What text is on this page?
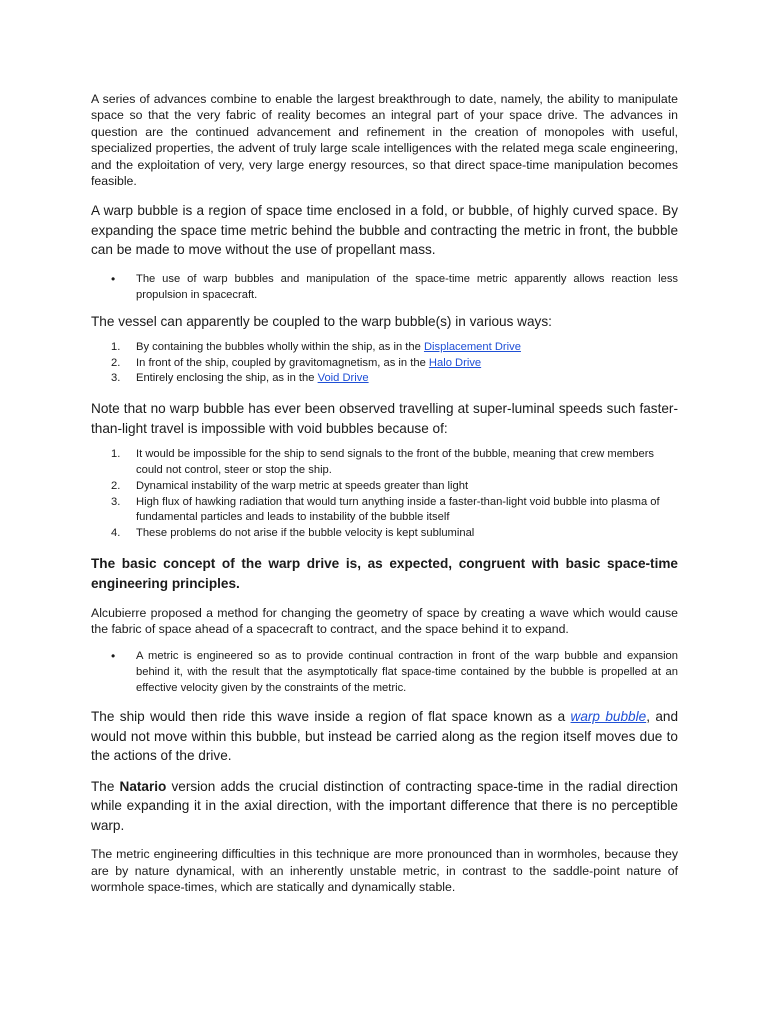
A series of advances combine to enable the largest breakthrough to date, namely, the ability to manipulate space so that the very fabric of reality becomes an integral part of your space drive. The advances in question are the continued advancement and refinement in the creation of monopoles with useful, specialized properties, the advent of truly large scale intelligences with the related mega scale engineering, and the exploitation of very, very large energy resources, so that direct space-time manipulation becomes feasible.

A warp bubble is a region of space time enclosed in a fold, or bubble, of highly curved space. By expanding the space time metric behind the bubble and contracting the metric in front, the bubble can be made to move without the use of propellant mass.

• The use of warp bubbles and manipulation of the space-time metric apparently allows reaction less propulsion in spacecraft.

The vessel can apparently be coupled to the warp bubble(s) in various ways:

1. By containing the bubbles wholly within the ship, as in the Displacement Drive
2. In front of the ship, coupled by gravitomagnetism, as in the Halo Drive
3. Entirely enclosing the ship, as in the Void Drive

Note that no warp bubble has ever been observed travelling at super-luminal speeds such faster-than-light travel is impossible with void bubbles because of:

1. It would be impossible for the ship to send signals to the front of the bubble, meaning that crew members could not control, steer or stop the ship.
2. Dynamical instability of the warp metric at speeds greater than light
3. High flux of hawking radiation that would turn anything inside a faster-than-light void bubble into plasma of fundamental particles and leads to instability of the bubble itself
4. These problems do not arise if the bubble velocity is kept subluminal

The basic concept of the warp drive is, as expected, congruent with basic space-time engineering principles.

Alcubierre proposed a method for changing the geometry of space by creating a wave which would cause the fabric of space ahead of a spacecraft to contract, and the space behind it to expand.

• A metric is engineered so as to provide continual contraction in front of the warp bubble and expansion behind it, with the result that the asymptotically flat space-time contained by the bubble is propelled at an effective velocity given by the constraints of the metric.

The ship would then ride this wave inside a region of flat space known as a warp bubble, and would not move within this bubble, but instead be carried along as the region itself moves due to the actions of the drive.

The Natario version adds the crucial distinction of contracting space-time in the radial direction while expanding it in the axial direction, with the important difference that there is no perceptible warp.

The metric engineering difficulties in this technique are more pronounced than in wormholes, because they are by nature dynamical, with an inherently unstable metric, in contrast to the saddle-point nature of wormhole space-times, which are statically and dynamically stable.
